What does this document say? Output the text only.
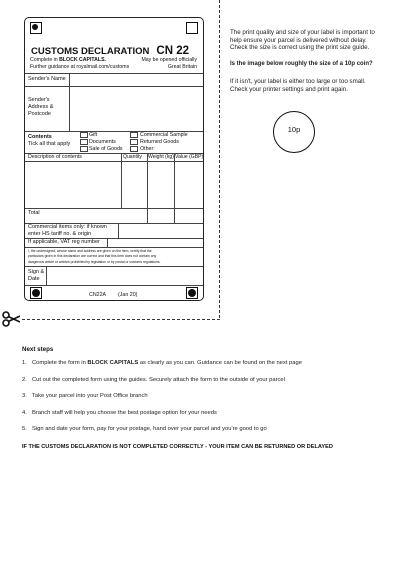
CUSTOMS DECLARATION CN 22
Complete in BLOCK CAPITALS.
Further guidance at royalmail.com/customs
May be opened officially
Great Britain
Sender's Name
Sender's
Address &
Postcode
Contents
Tick all that apply
Gift
Documents
Sale of Goods
Commercial Sample
Returned Goods
Other:
Description of contents	Quantity Weight (kg) Value (GBP)
Total
Commercial items only: if known
enter HS tariff no. & origin
If applicable, VAT reg number
I, the undersigned, whose name and address are given on the item, certify that the
particulars given in this declaration are correct and that this item does not contain any
dangerous article or articles prohibited by legislation or by postal or customs regulations.
Sign &
Date
CN22A (Jan 20)
The print quality and size of your label is important to
help ensure your parcel is delivered without delay.
Check the size is correct using the print size guide.
Is the image below roughly the size of a 10p coin?
If it isn't, your label is either too large or too small.
Check your printer settings and print again.
10p
Next steps
1. Complete the form in BLOCK CAPITALS as clearly as you can. Guidance can be found on the next page
2. Cut out the completed form using the guides. Securely attach the form to the outside of your parcel
3. Take your parcel into your Post Office branch
4. Branch staff will help you choose the best postage option for your needs
5. Sign and date your form, pay for your postage, hand over your parcel and you're good to go
IF THE CUSTOMS DECLARATION IS NOT COMPLETED CORRECTLY - YOUR ITEM CAN BE RETURNED OR DELAYED
